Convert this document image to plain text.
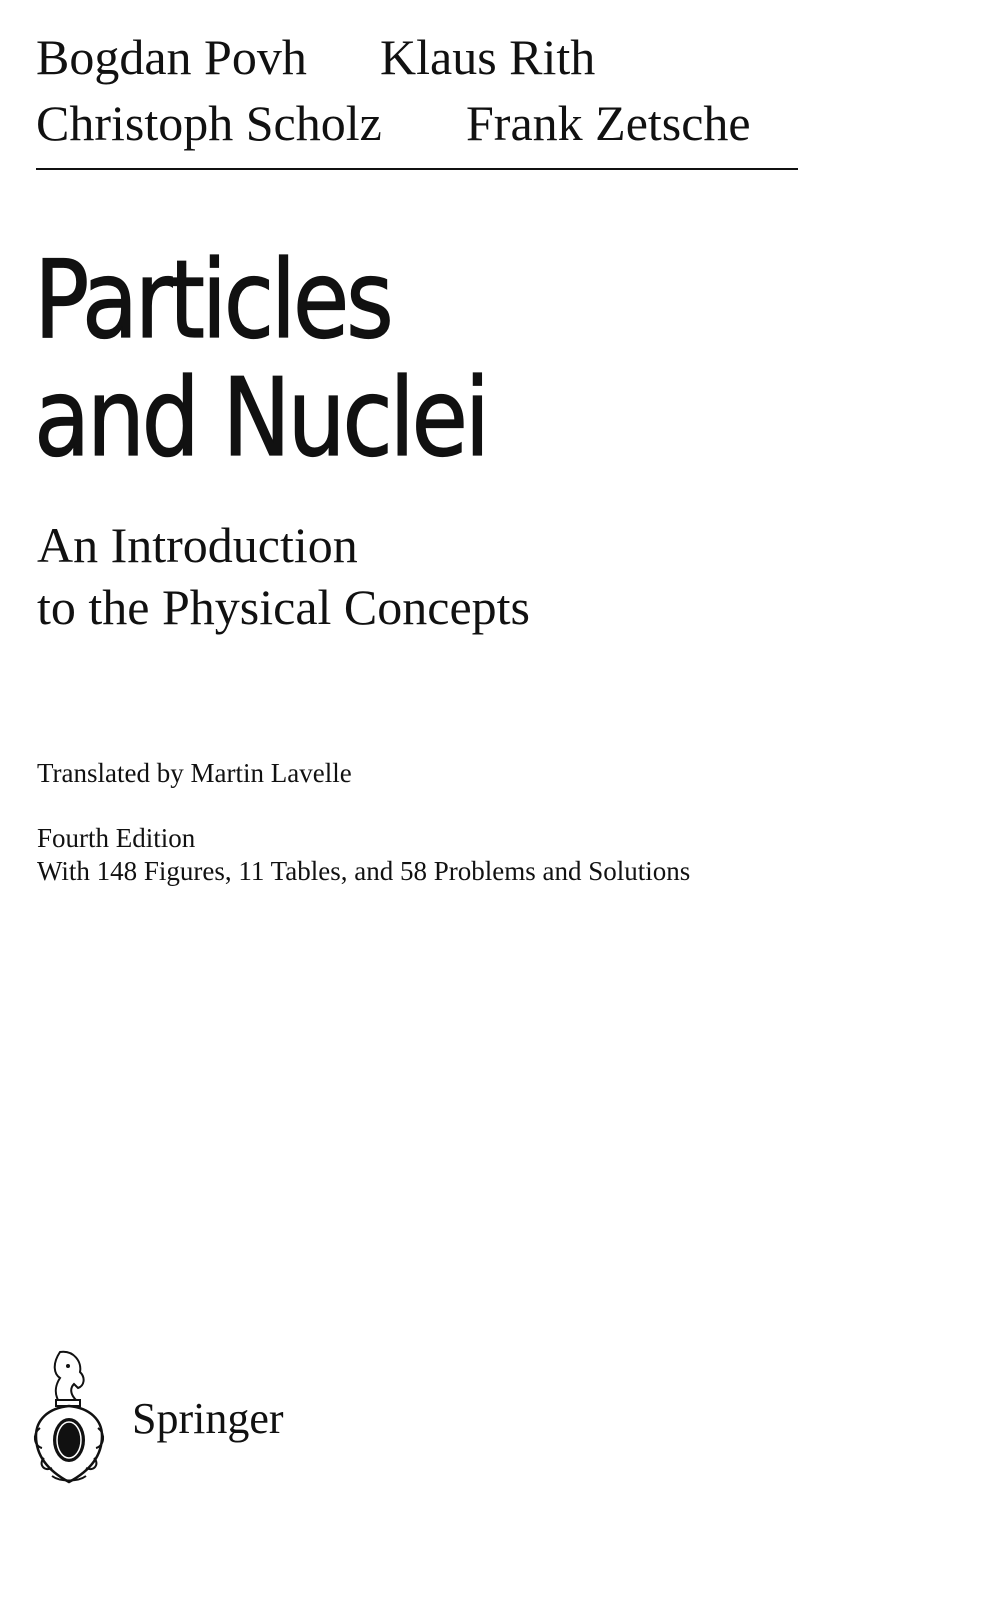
Bogdan Povh	Klaus Rith
Christoph Scholz	Frank Zetsche
Particles
and Nuclei
An Introduction
to the Physical Concepts
Translated by Martin Lavelle
Fourth Edition
With 148 Figures, 11 Tables, and 58 Problems and Solutions
Springer
